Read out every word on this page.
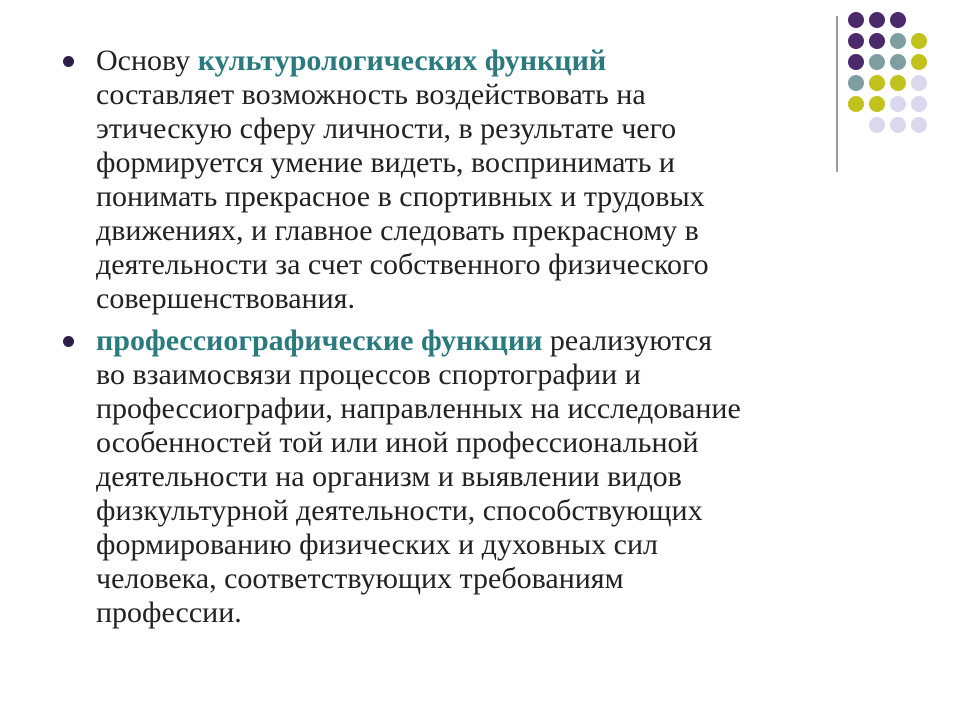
Основу культурологических функций
составляет возможность воздействовать на
этическую сферу личности, в результате чего
формируется умение видеть, воспринимать и
понимать прекрасное в спортивных и трудовых
движениях, и главное следовать прекрасному в
деятельности за счет собственного физического
совершенствования.

профессиографические функции реализуются
во взаимосвязи процессов спортографии и
профессиографии, направленных на исследование
особенностей той или иной профессиональной
деятельности на организм и выявлении видов
физкультурной деятельности, способствующих
формированию физических и духовных сил
человека, соответствующих требованиям
профессии.
